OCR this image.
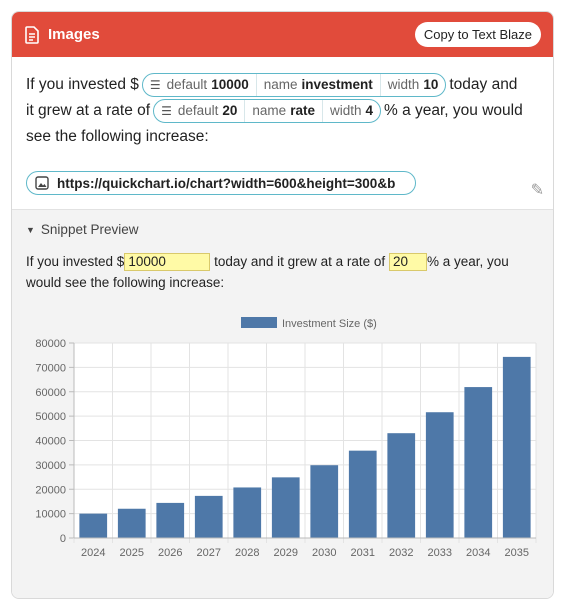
Images	Copy to Text Blaze
If you invested $ ☰ default 10000 name investment width 10 today and
it grew at a rate of ☰ default 20 name rate width 4 % a year, you would
see the following increase:
https://quickchart.io/chart?width=600&height=300&b	✎
▼ Snippet Preview
If you invested $ 10000	today and it grew at a rate of 20 % a year, you
would see the following increase:
0
10000
20000
30000
40000
50000
60000
70000
80000
2024 2025 2026 2027 2028 2029 2030 2031 2032 2033 2034 2035
Investment Size ($)
